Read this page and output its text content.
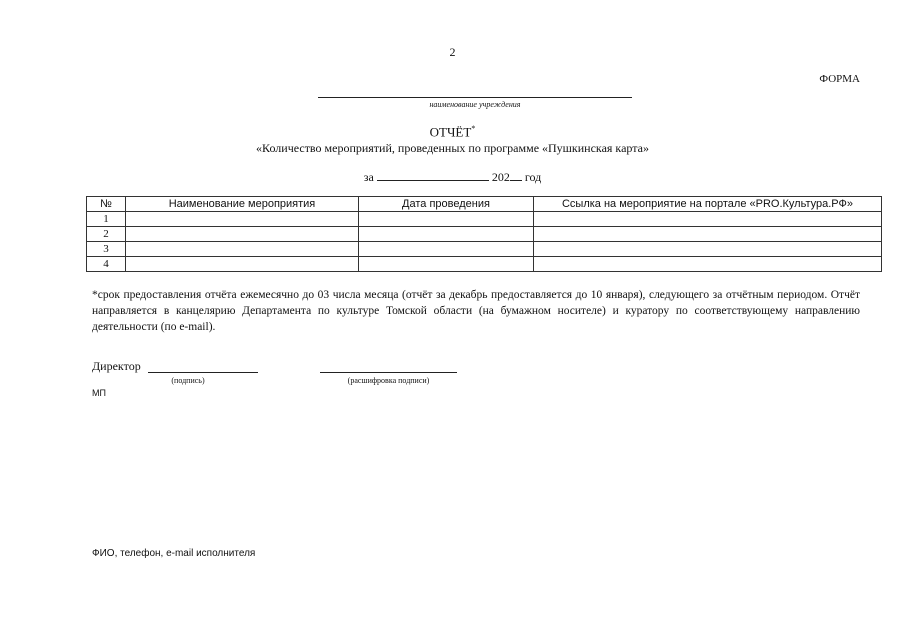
2
ФОРМА
наименование учреждения
ОТЧЁТ*
«Количество мероприятий, проведенных по программе «Пушкинская карта»
за	202 год
№	Наименование мероприятия	Дата проведения	Ссылка на мероприятие на портале «PRO.Культура.РФ»
1			
2			
3			
4			
*срок предоставления отчёта ежемесячно до 03 числа месяца (отчёт за декабрь предоставляется до 10 января), следующего за отчётным периодом. Отчёт направляется в канцелярию Департамента по культуре Томской области (на бумажном носителе) и куратору по соответствующему направлению деятельности (по e-mail).
Директор
(подпись)	(расшифровка подписи)
МП
ФИО, телефон, e-mail исполнителя
